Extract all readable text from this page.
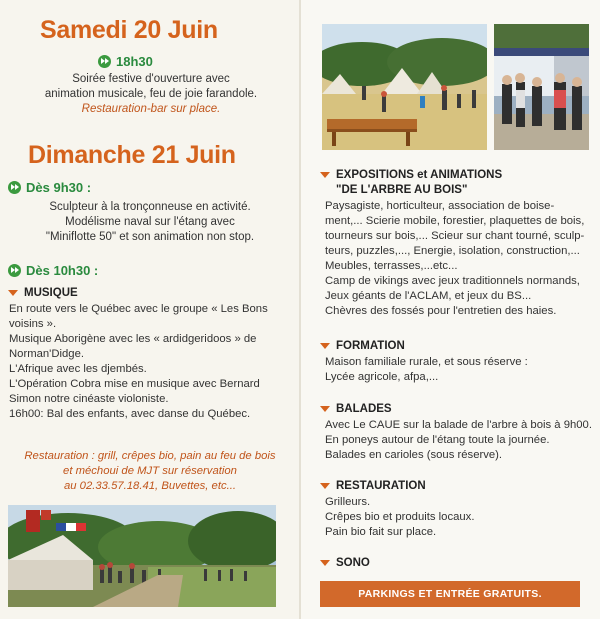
Samedi 20 Juin
18h30
Soirée festive d'ouverture avec
animation musicale, feu de joie farandole.
Restauration-bar sur place.
Dimanche 21 Juin
Dès 9h30 :
Sculpteur à la tronçonneuse en activité.
Modélisme naval sur l'étang avec
"Miniflotte 50" et son animation non stop.
Dès 10h30 :
MUSIQUE
En route vers le Québec avec le groupe « Les Bons
voisins ».
Musique Aborigène avec les « ardidgeridoos » de
Norman'Didge.
L'Afrique avec les djembés.
L'Opération Cobra mise en musique avec Bernard
Simon notre cinéaste violoniste.
16h00: Bal des enfants, avec danse du Québec.
Restauration : grill, crêpes bio, pain au feu de bois
et méchoui de MJT sur réservation
au 02.33.57.18.41, Buvettes, etc...
EXPOSITIONS et ANIMATIONS
"DE L'ARBRE AU BOIS"
Paysagiste, horticulteur, association de boise-
ment,... Scierie mobile, forestier, plaquettes de bois,
tourneurs sur bois,... Scieur sur chant tourné, sculp-
teurs, puzzles,..., Energie, isolation, construction,...
Meubles, terrasses,...etc...
Camp de vikings avec jeux traditionnels normands,
Jeux géants de l'ACLAM, et jeux du BS...
Chèvres des fossés pour l'entretien des haies.
FORMATION
Maison familiale rurale, et sous réserve :
Lycée agricole, afpa,...
BALADES
Avec Le CAUE sur la balade de l'arbre à bois à 9h00.
En poneys autour de l'étang toute la journée.
Balades en carioles (sous réserve).
RESTAURATION
Grilleurs.
Crêpes bio et produits locaux.
Pain bio fait sur place.
SONO
PARKINGS ET ENTRÉE GRATUITS.
